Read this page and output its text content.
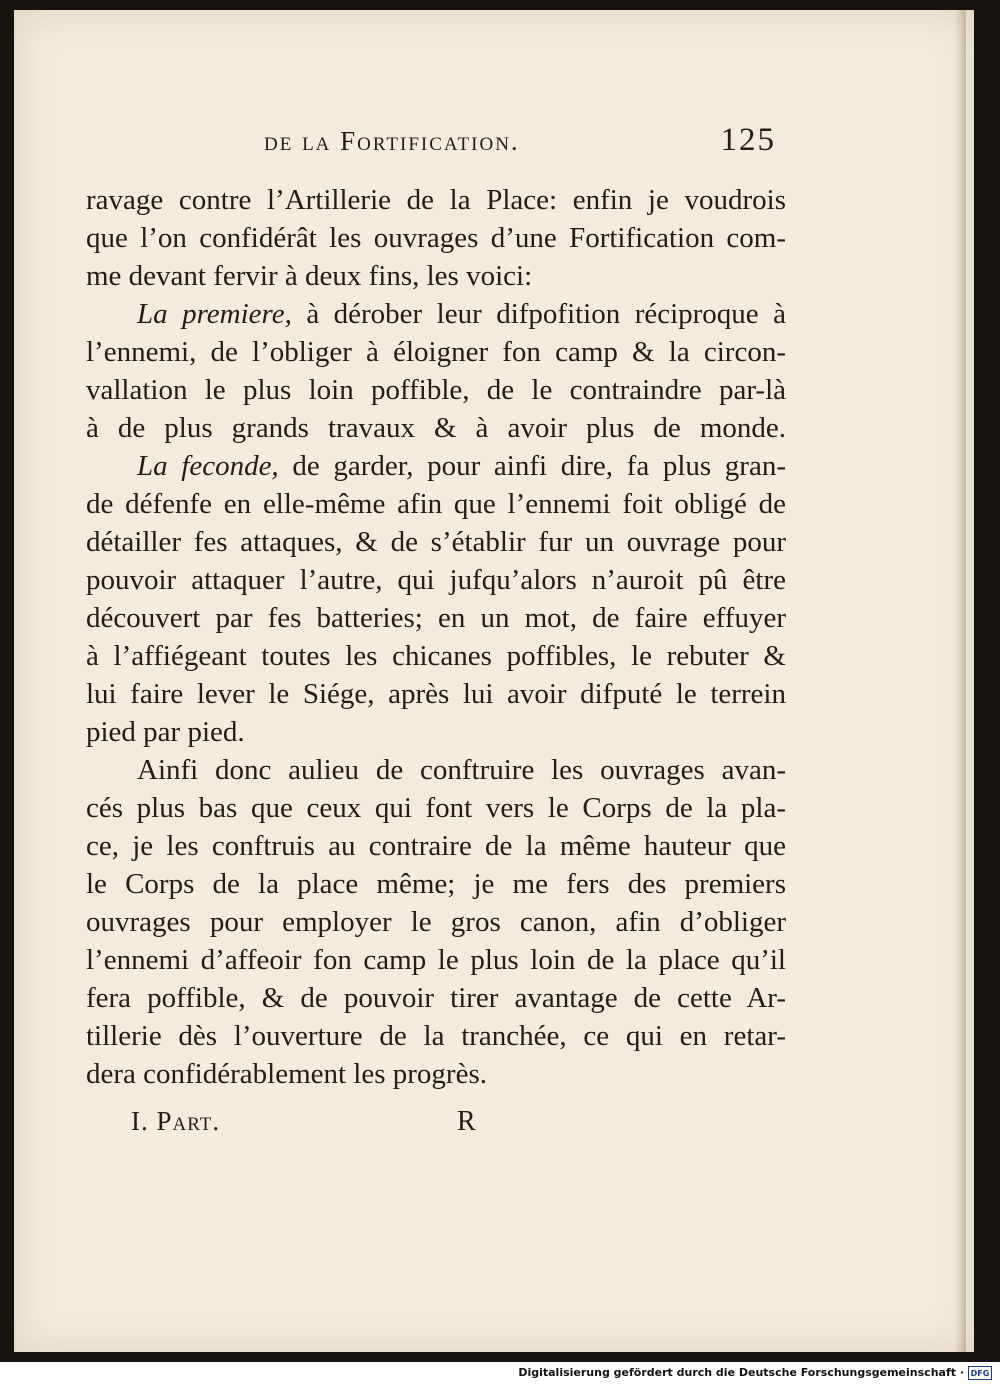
de la Fortification.	125
ravage contre l’Artillerie de la Place: enfin je voudrois
que l’on confidérât les ouvrages d’une Fortification com-
me devant fervir à deux fins, les voici:
La premiere, à dérober leur difpofition réciproque à
l’ennemi, de l’obliger à éloigner fon camp & la circon-
vallation le plus loin poffible, de le contraindre par-là
à de plus grands travaux & à avoir plus de monde.
La feconde, de garder, pour ainfi dire, fa plus gran-
de défenfe en elle-même afin que l’ennemi foit obligé de
détailler fes attaques, & de s’établir fur un ouvrage pour
pouvoir attaquer l’autre, qui jufqu’alors n’auroit pû être
découvert par fes batteries; en un mot, de faire effuyer
à l’affiégeant toutes les chicanes poffibles, le rebuter &
lui faire lever le Siége, après lui avoir difputé le terrein
pied par pied.
Ainfi donc aulieu de conftruire les ouvrages avan-
cés plus bas que ceux qui font vers le Corps de la pla-
ce, je les conftruis au contraire de la même hauteur que
le Corps de la place même; je me fers des premiers
ouvrages pour employer le gros canon, afin d’obliger
l’ennemi d’affeoir fon camp le plus loin de la place qu’il
fera poffible, & de pouvoir tirer avantage de cette Ar-
tillerie dès l’ouverture de la tranchée, ce qui en retar-
dera confidérablement les progrès.
I. Part.	R
Digitalisierung gefördert durch die Deutsche Forschungsgemeinschaft · DFG
